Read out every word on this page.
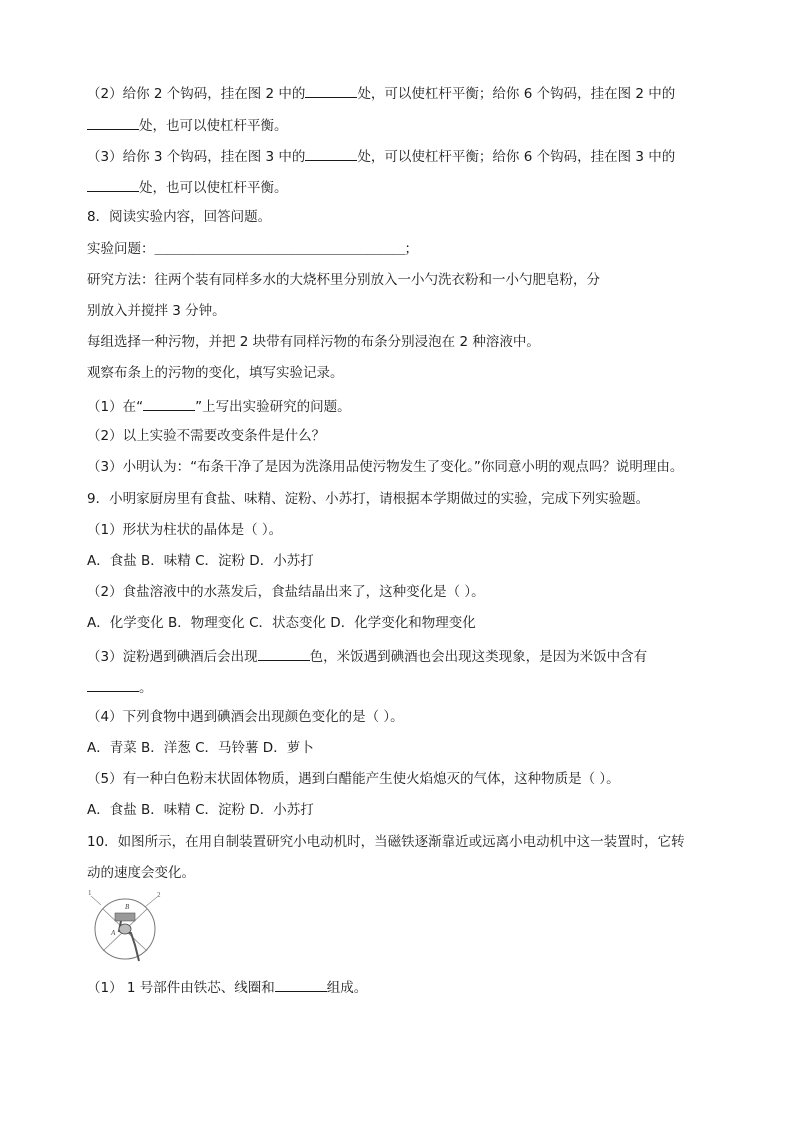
（2）给你 2 个钩码，挂在图 2 中的	处，可以使杠杆平衡；给你 6 个钩码，挂在图 2 中的
处，也可以使杠杆平衡。
（3）给你 3 个钩码，挂在图 3 中的	处，可以使杠杆平衡；给你 6 个钩码，挂在图 3 中的
处，也可以使杠杆平衡。
8．阅读实验内容，回答问题。
实验问题：＿＿＿＿＿＿＿＿＿＿＿＿＿＿＿＿＿＿＿＿；
研究方法：往两个装有同样多水的大烧杯里分别放入一小勺洗衣粉和一小勺肥皂粉，分
别放入并搅拌 3 分钟。
每组选择一种污物，并把 2 块带有同样污物的布条分别浸泡在 2 种溶液中。
观察布条上的污物的变化，填写实验记录。
（1）在“	”上写出实验研究的问题。
（2）以上实验不需要改变条件是什么？
（3）小明认为：“布条干净了是因为洗涤用品使污物发生了变化。”你同意小明的观点吗？说明理由。
9．小明家厨房里有食盐、味精、淀粉、小苏打，请根据本学期做过的实验，完成下列实验题。
（1）形状为柱状的晶体是（ ）。
A．食盐 B．味精 C．淀粉 D．小苏打
（2）食盐溶液中的水蒸发后，食盐结晶出来了，这种变化是（ ）。
A．化学变化 B．物理变化 C．状态变化 D．化学变化和物理变化
（3）淀粉遇到碘酒后会出现	色，米饭遇到碘酒也会出现这类现象，是因为米饭中含有
。
（4）下列食物中遇到碘酒会出现颜色变化的是（ ）。
A．青菜 B．洋葱 C．马铃薯 D．萝卜
（5）有一种白色粉末状固体物质，遇到白醋能产生使火焰熄灭的气体，这种物质是（ ）。
A．食盐 B．味精 C．淀粉 D．小苏打
10．如图所示，在用自制装置研究小电动机时，当磁铁逐渐靠近或远离小电动机中这一装置时，它转
动的速度会变化。
1	2
B
A
（1） 1 号部件由铁芯、线圈和	组成。
